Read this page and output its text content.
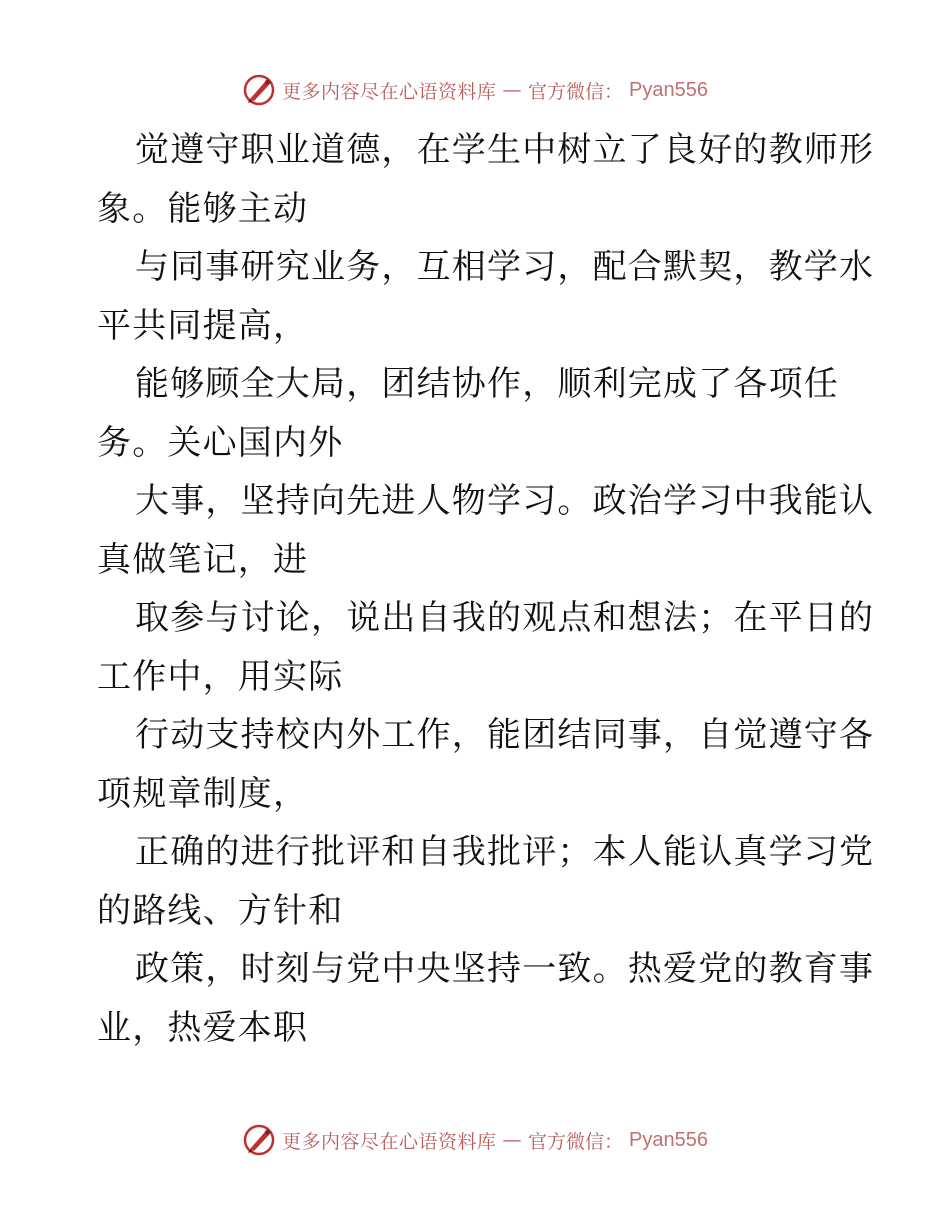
更多内容尽在心语资料库 — 官方微信： Pyan556
觉遵守职业道德，在学生中树立了良好的教师形
象。能够主动
与同事研究业务，互相学习，配合默契，教学水
平共同提高，
能够顾全大局，团结协作，顺利完成了各项任
务。关心国内外
大事，坚持向先进人物学习。政治学习中我能认
真做笔记，进
取参与讨论，说出自我的观点和想法；在平日的
工作中，用实际
行动支持校内外工作，能团结同事，自觉遵守各
项规章制度，
正确的进行批评和自我批评；本人能认真学习党
的路线、方针和
政策，时刻与党中央坚持一致。热爱党的教育事
业，热爱本职
更多内容尽在心语资料库 — 官方微信： Pyan556
